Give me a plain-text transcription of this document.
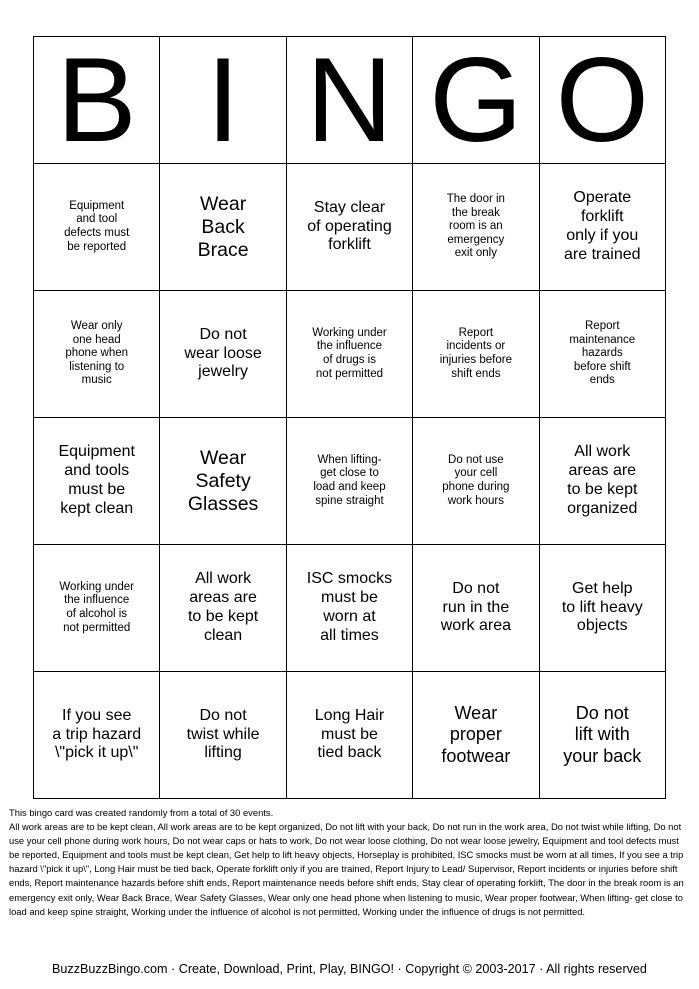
B	I	N	G	O
Equipment
and tool
defects must
be reported	Wear
Back
Brace	Stay clear
of operating
forklift	The door in
the break
room is an
emergency
exit only	Operate
forklift
only if you
are trained
Wear only
one head
phone when
listening to
music	Do not
wear loose
jewelry	Working under
the influence
of drugs is
not permitted	Report
incidents or
injuries before
shift ends	Report
maintenance
hazards
before shift
ends
Equipment
and tools
must be
kept clean	Wear
Safety
Glasses	When lifting-
get close to
load and keep
spine straight	Do not use
your cell
phone during
work hours	All work
areas are
to be kept
organized
Working under
the influence
of alcohol is
not permitted	All work
areas are
to be kept
clean	ISC smocks
must be
worn at
all times	Do not
run in the
work area	Get help
to lift heavy
objects
If you see
a trip hazard
\"pick it up\"	Do not
twist while
lifting	Long Hair
must be
tied back	Wear
proper
footwear	Do not
lift with
your back

This bingo card was created randomly from a total of 30 events.

All work areas are to be kept clean, All work areas are to be kept organized, Do not lift with your back, Do not run in the work area, Do not twist while lifting, Do not use your cell phone during work hours, Do not wear caps or hats to work, Do not wear loose clothing, Do not wear loose jewelry, Equipment and tool defects must be reported, Equipment and tools must be kept clean, Get help to lift heavy objects, Horseplay is prohibited, ISC smocks must be worn at all times, If you see a trip hazard \"pick it up\", Long Hair must be tied back, Operate forklift only if you are trained, Report Injury to Lead/ Supervisor, Report incidents or injuries before shift ends, Report maintenance hazards before shift ends, Report maintenance needs before shift ends, Stay clear of operating forklift, The door in the break room is an emergency exit only, Wear Back Brace, Wear Safety Glasses, Wear only one head phone when listening to music, Wear proper footwear, When lifting- get close to load and keep spine straight, Working under the influence of alcohol is not permitted, Working under the influence of drugs is not permitted.

BuzzBuzzBingo.com · Create, Download, Print, Play, BINGO! · Copyright © 2003-2017 · All rights reserved
